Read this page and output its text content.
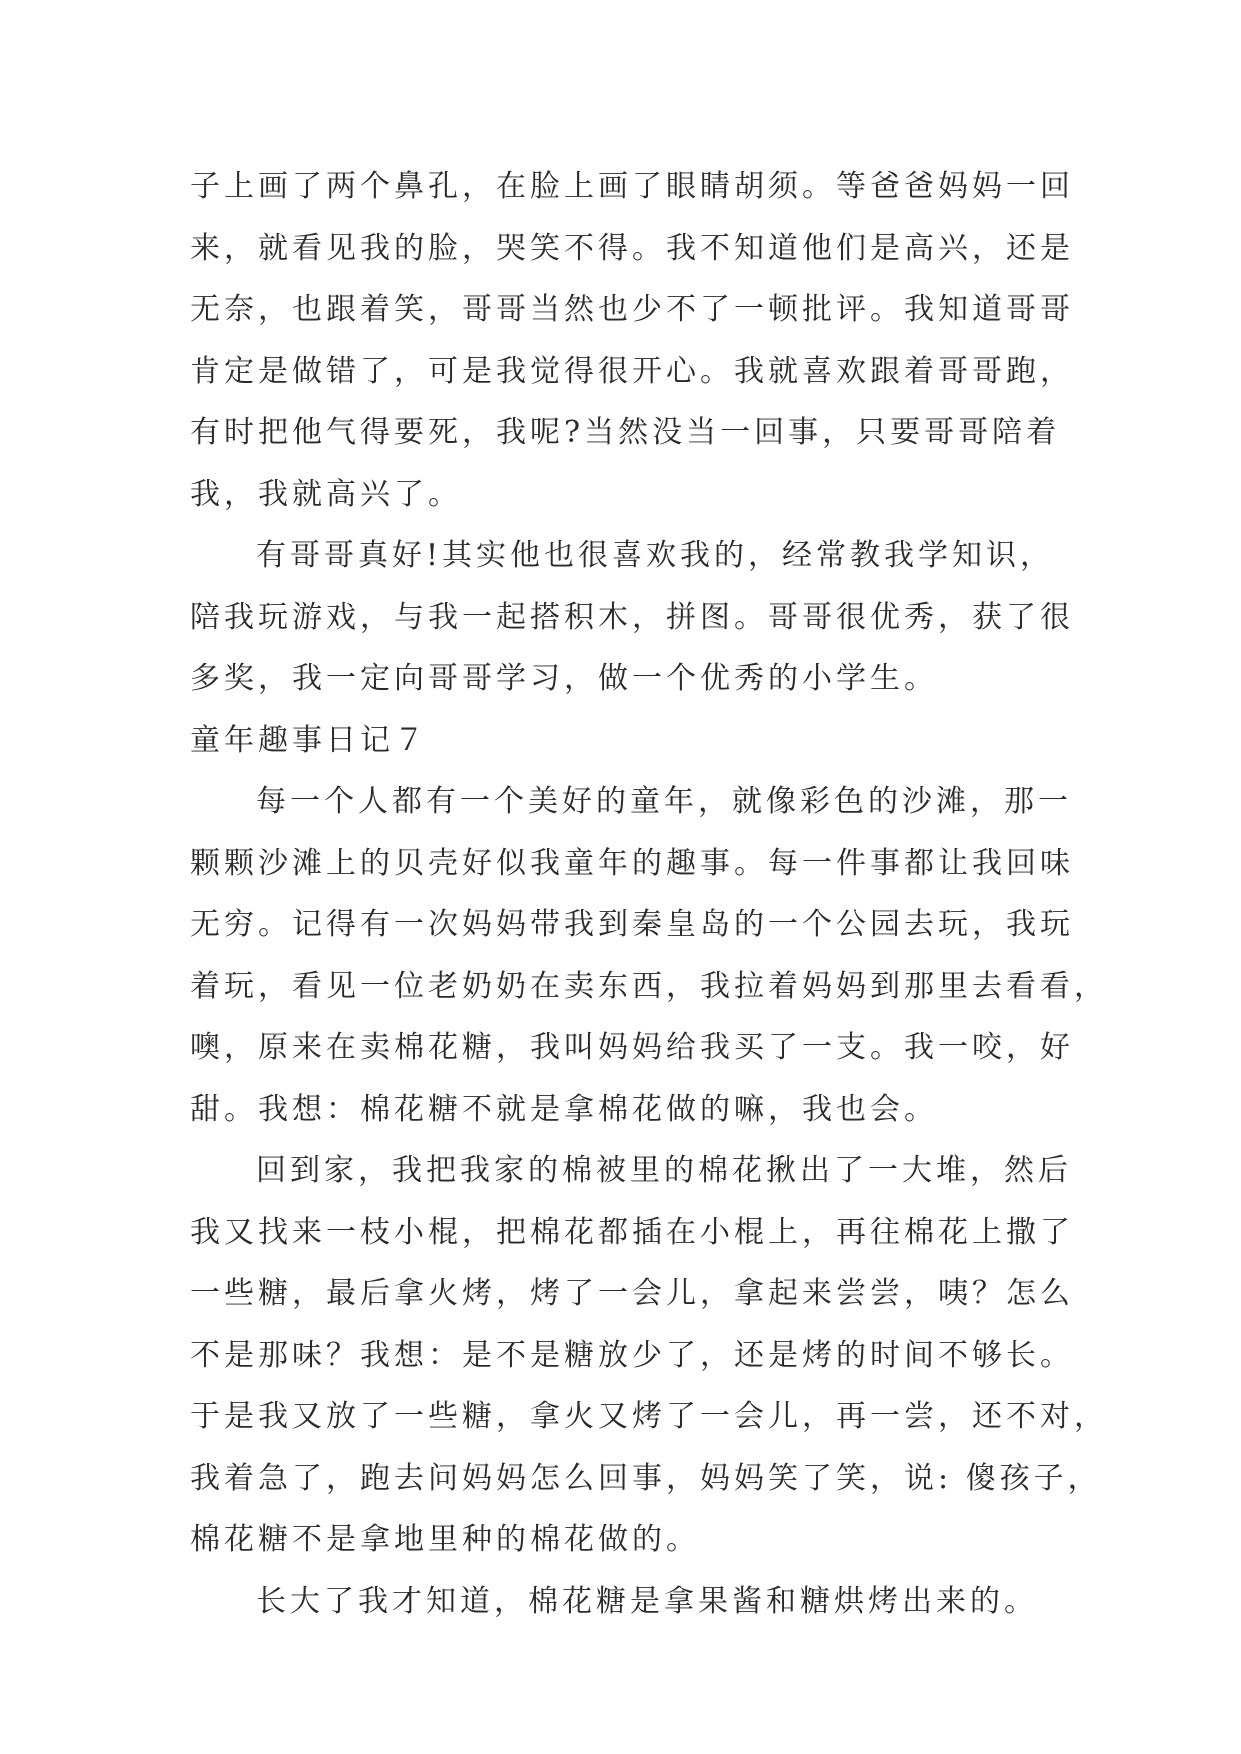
子上画了两个鼻孔，在脸上画了眼睛胡须。等爸爸妈妈一回
来，就看见我的脸，哭笑不得。我不知道他们是高兴，还是
无奈，也跟着笑，哥哥当然也少不了一顿批评。我知道哥哥
肯定是做错了，可是我觉得很开心。我就喜欢跟着哥哥跑，
有时把他气得要死，我呢?当然没当一回事，只要哥哥陪着
我，我就高兴了。
有哥哥真好!其实他也很喜欢我的，经常教我学知识，
陪我玩游戏，与我一起搭积木，拼图。哥哥很优秀，获了很
多奖，我一定向哥哥学习，做一个优秀的小学生。
童年趣事日记７
每一个人都有一个美好的童年，就像彩色的沙滩，那一
颗颗沙滩上的贝壳好似我童年的趣事。每一件事都让我回味
无穷。记得有一次妈妈带我到秦皇岛的一个公园去玩，我玩
着玩，看见一位老奶奶在卖东西，我拉着妈妈到那里去看看，
噢，原来在卖棉花糖，我叫妈妈给我买了一支。我一咬，好
甜。我想：棉花糖不就是拿棉花做的嘛，我也会。
回到家，我把我家的棉被里的棉花揪出了一大堆，然后
我又找来一枝小棍，把棉花都插在小棍上，再往棉花上撒了
一些糖，最后拿火烤，烤了一会儿，拿起来尝尝，咦？怎么
不是那味？我想：是不是糖放少了，还是烤的时间不够长。
于是我又放了一些糖，拿火又烤了一会儿，再一尝，还不对，
我着急了，跑去问妈妈怎么回事，妈妈笑了笑，说: 傻孩子，
棉花糖不是拿地里种的棉花做的。
长大了我才知道，棉花糖是拿果酱和糖烘烤出来的。
